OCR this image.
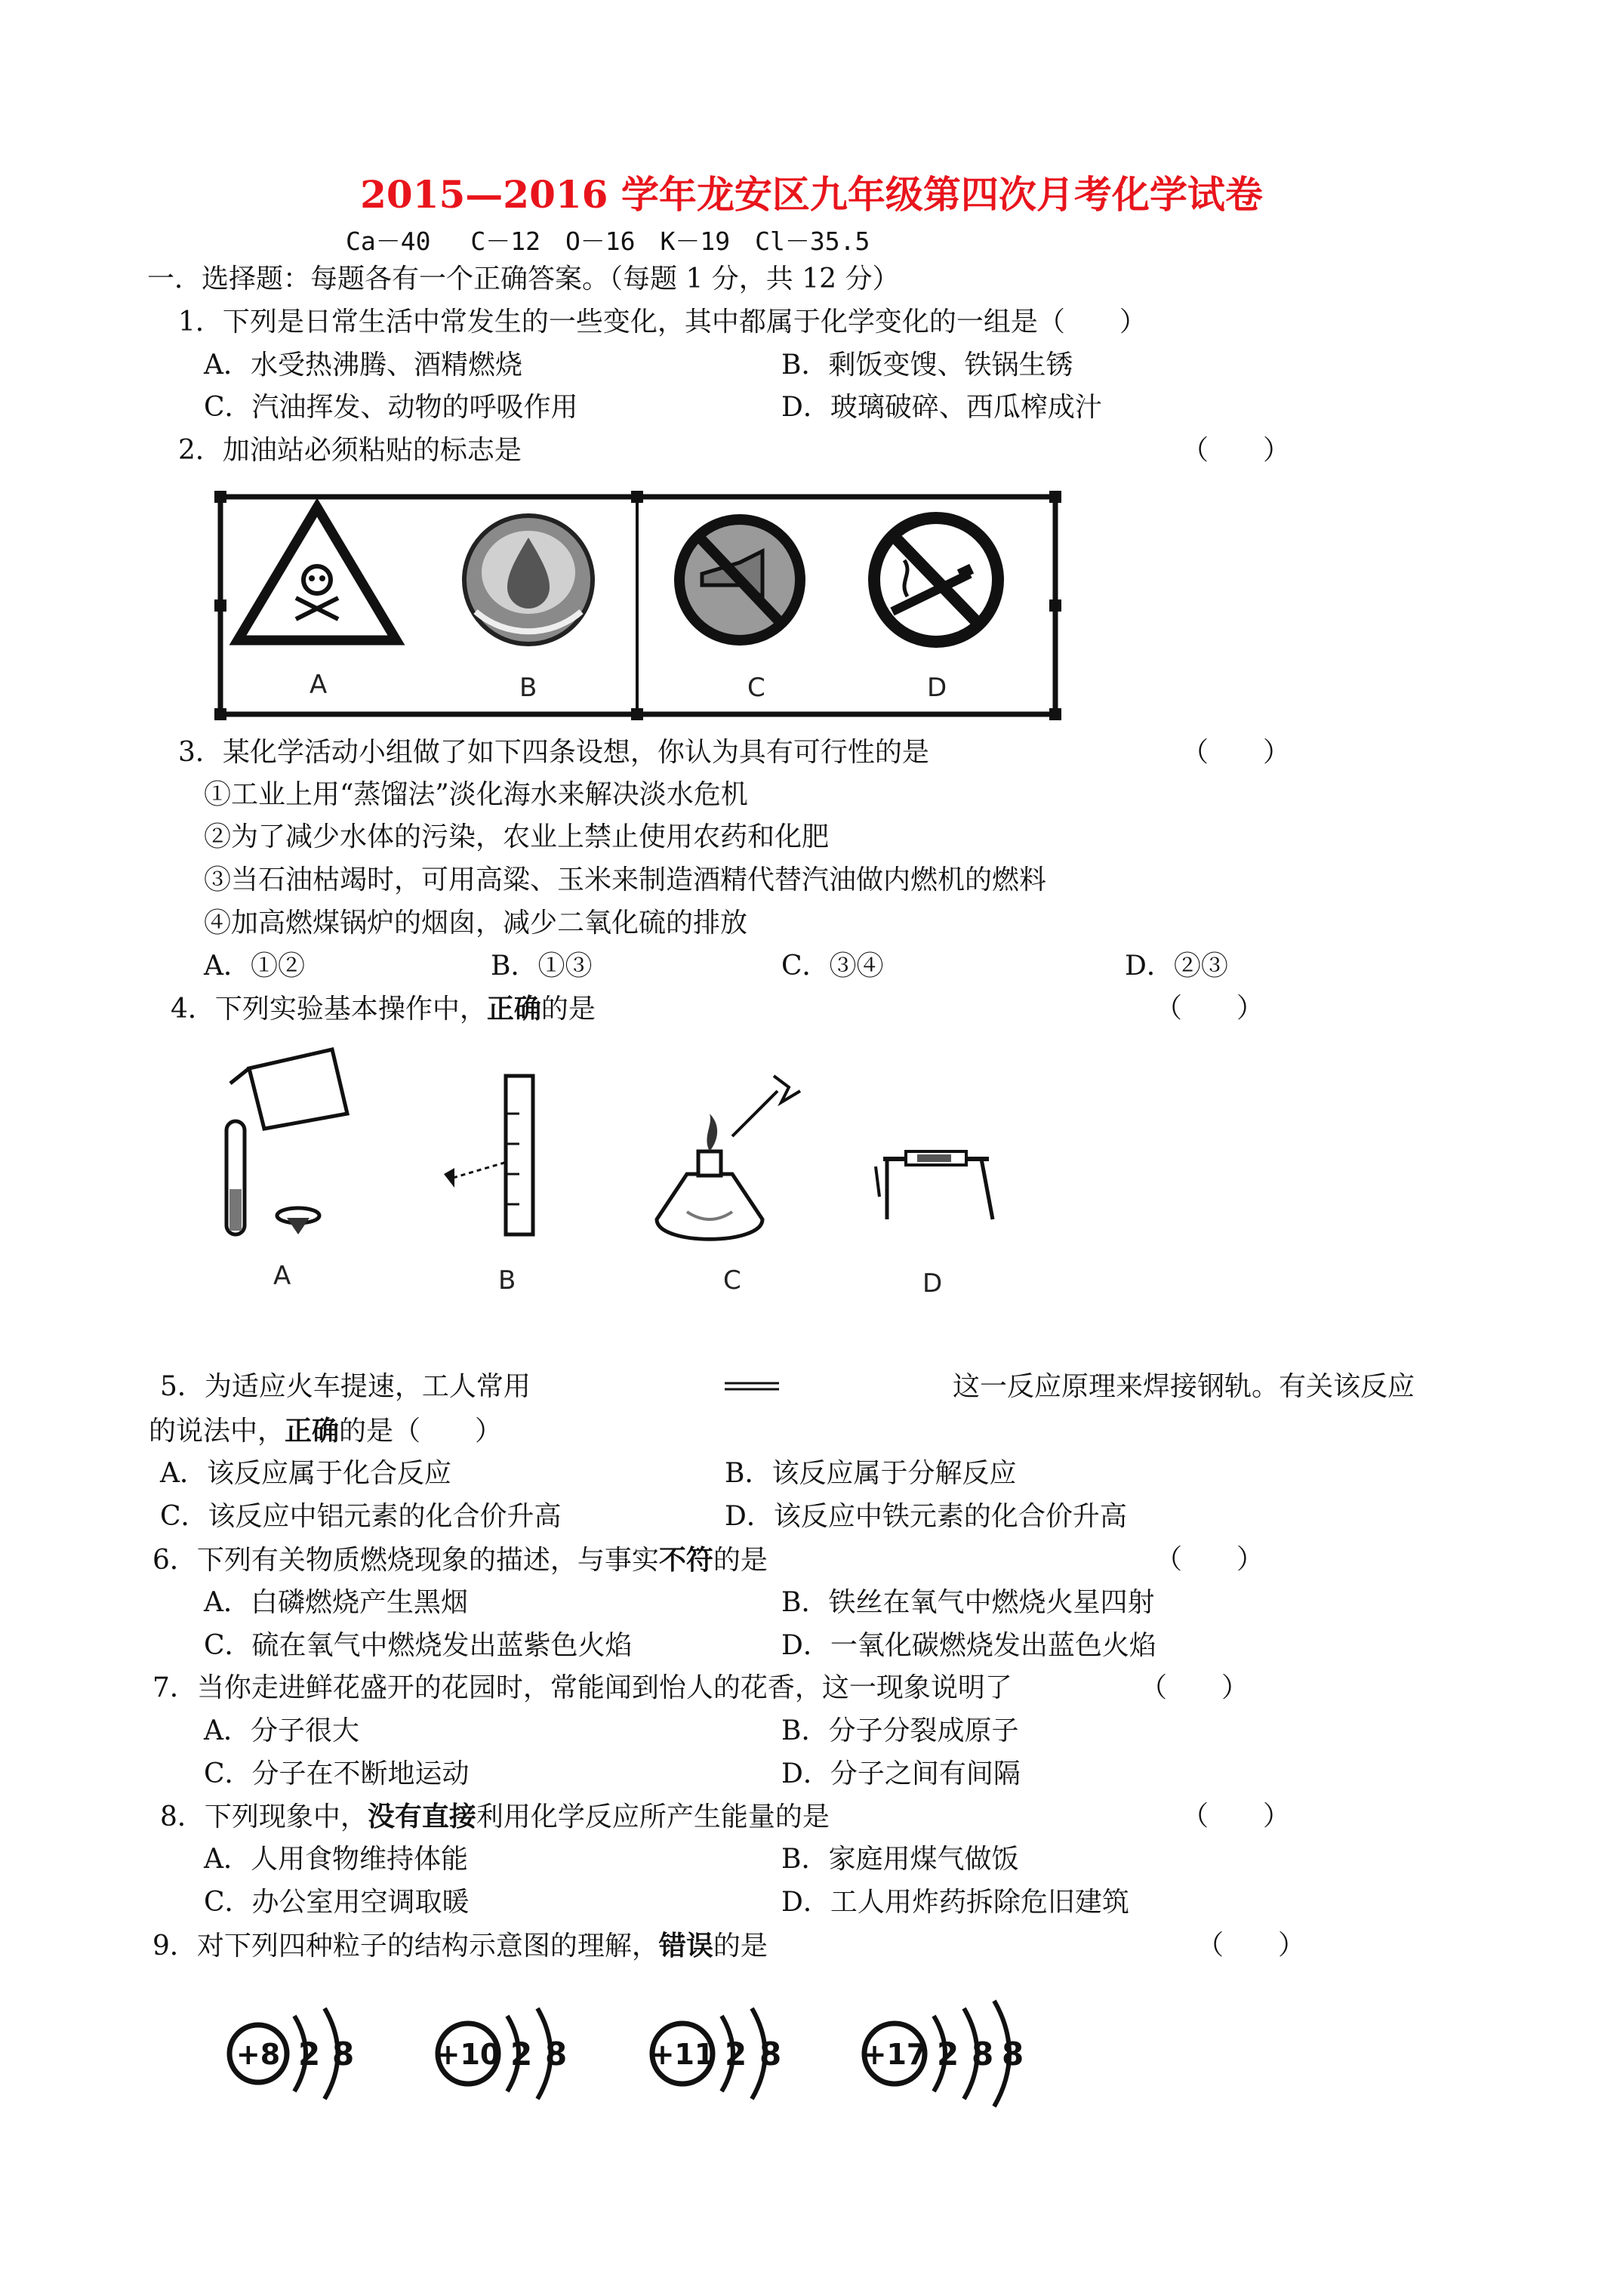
2015—2016 学年龙安区九年级第四次月考化学试卷
Ca－40　 C－12　O－16　K－19　Cl－35.5
一．选择题：每题各有一个正确答案。（每题 1 分，共 12 分）
1．下列是日常生活中常发生的一些变化，其中都属于化学变化的一组是（　　）
A．水受热沸腾、酒精燃烧	B．剩饭变馊、铁锅生锈
C．汽油挥发、动物的呼吸作用	D．玻璃破碎、西瓜榨成汁
2．加油站必须粘贴的标志是	（　　）
A	B	C	D
3．某化学活动小组做了如下四条设想，你认为具有可行性的是	（　　）
①工业上用“蒸馏法”淡化海水来解决淡水危机
②为了减少水体的污染，农业上禁止使用农药和化肥
③当石油枯竭时，可用高粱、玉米来制造酒精代替汽油做内燃机的燃料
④加高燃煤锅炉的烟囱，减少二氧化硫的排放
A．①②	B．①③	C．③④	D．②③
4．下列实验基本操作中，正确的是	（　　）
A	B	C	D
5．为适应火车提速，工人常用	这一反应原理来焊接钢轨。有关该反应
的说法中，正确的是（　　）
A．该反应属于化合反应	B．该反应属于分解反应
C．该反应中铝元素的化合价升高	D．该反应中铁元素的化合价升高
6．下列有关物质燃烧现象的描述，与事实不符的是	（　　）
A．白磷燃烧产生黑烟	B．铁丝在氧气中燃烧火星四射
C．硫在氧气中燃烧发出蓝紫色火焰	D．一氧化碳燃烧发出蓝色火焰
7．当你走进鲜花盛开的花园时，常能闻到怡人的花香，这一现象说明了	（　　）
A．分子很大	B．分子分裂成原子
C．分子在不断地运动	D．分子之间有间隔
8．下列现象中，没有直接利用化学反应所产生能量的是	（　　）
A．人用食物维持体能	B．家庭用煤气做饭
C．办公室用空调取暖	D．工人用炸药拆除危旧建筑
9．对下列四种粒子的结构示意图的理解，错误的是	（　　）
+8 2 8	+10 2 8	+11 2 8	+17 2 8 8
